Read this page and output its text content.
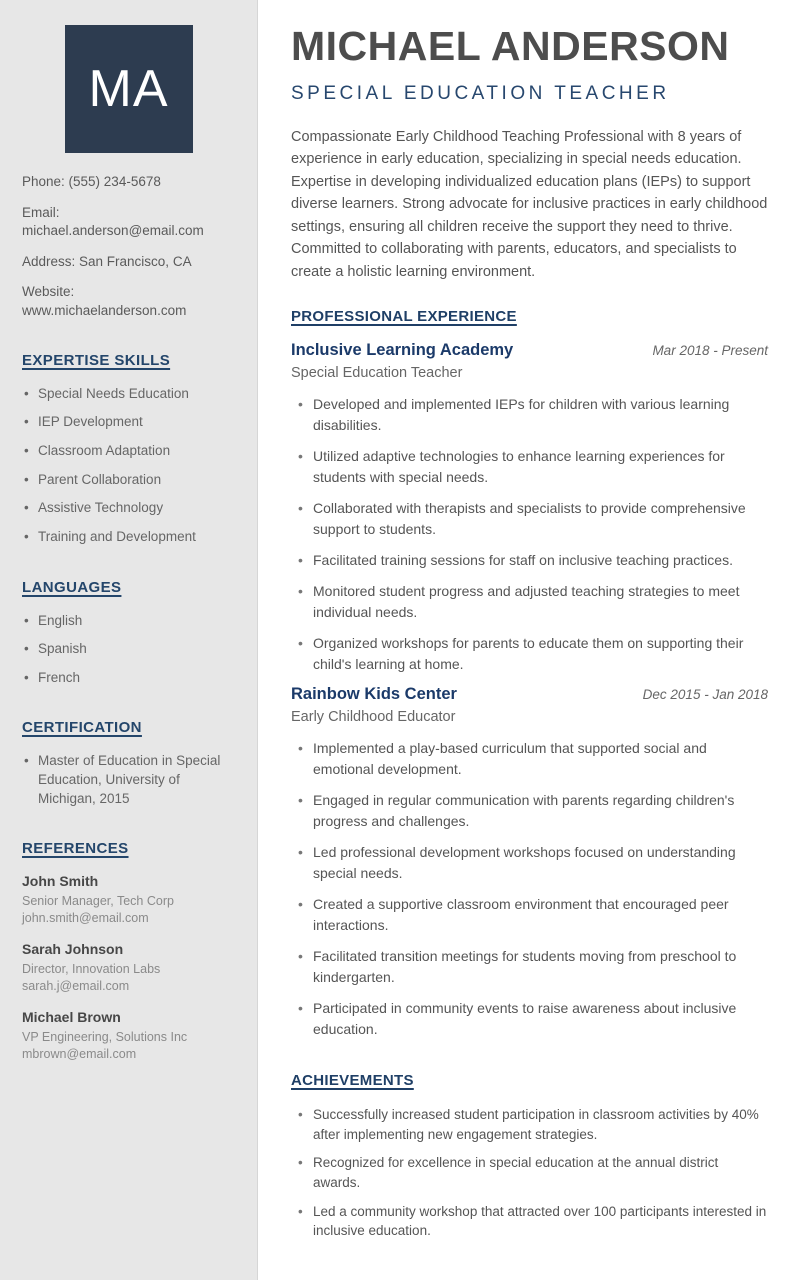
MA
Phone: (555) 234-5678
Email: michael.anderson@email.com
Address: San Francisco, CA
Website: www.michaelanderson.com
EXPERTISE SKILLS
• Special Needs Education
• IEP Development
• Classroom Adaptation
• Parent Collaboration
• Assistive Technology
• Training and Development
LANGUAGES
• English
• Spanish
• French
CERTIFICATION
• Master of Education in Special Education, University of Michigan, 2015
REFERENCES
John Smith
Senior Manager, Tech Corp
john.smith@email.com
Sarah Johnson
Director, Innovation Labs
sarah.j@email.com
Michael Brown
VP Engineering, Solutions Inc
mbrown@email.com
MICHAEL ANDERSON
SPECIAL EDUCATION TEACHER

Compassionate Early Childhood Teaching Professional with 8 years of experience in early education, specializing in special needs education. Expertise in developing individualized education plans (IEPs) to support diverse learners. Strong advocate for inclusive practices in early childhood settings, ensuring all children receive the support they need to thrive. Committed to collaborating with parents, educators, and specialists to create a holistic learning environment.

PROFESSIONAL EXPERIENCE
Inclusive Learning Academy	Mar 2018 - Present
Special Education Teacher
• Developed and implemented IEPs for children with various learning disabilities.
• Utilized adaptive technologies to enhance learning experiences for students with special needs.
• Collaborated with therapists and specialists to provide comprehensive support to students.
• Facilitated training sessions for staff on inclusive teaching practices.
• Monitored student progress and adjusted teaching strategies to meet individual needs.
• Organized workshops for parents to educate them on supporting their child's learning at home.
Rainbow Kids Center	Dec 2015 - Jan 2018
Early Childhood Educator
• Implemented a play-based curriculum that supported social and emotional development.
• Engaged in regular communication with parents regarding children's progress and challenges.
• Led professional development workshops focused on understanding special needs.
• Created a supportive classroom environment that encouraged peer interactions.
• Facilitated transition meetings for students moving from preschool to kindergarten.
• Participated in community events to raise awareness about inclusive education.
ACHIEVEMENTS
• Successfully increased student participation in classroom activities by 40% after implementing new engagement strategies.
• Recognized for excellence in special education at the annual district awards.
• Led a community workshop that attracted over 100 participants interested in inclusive education.
